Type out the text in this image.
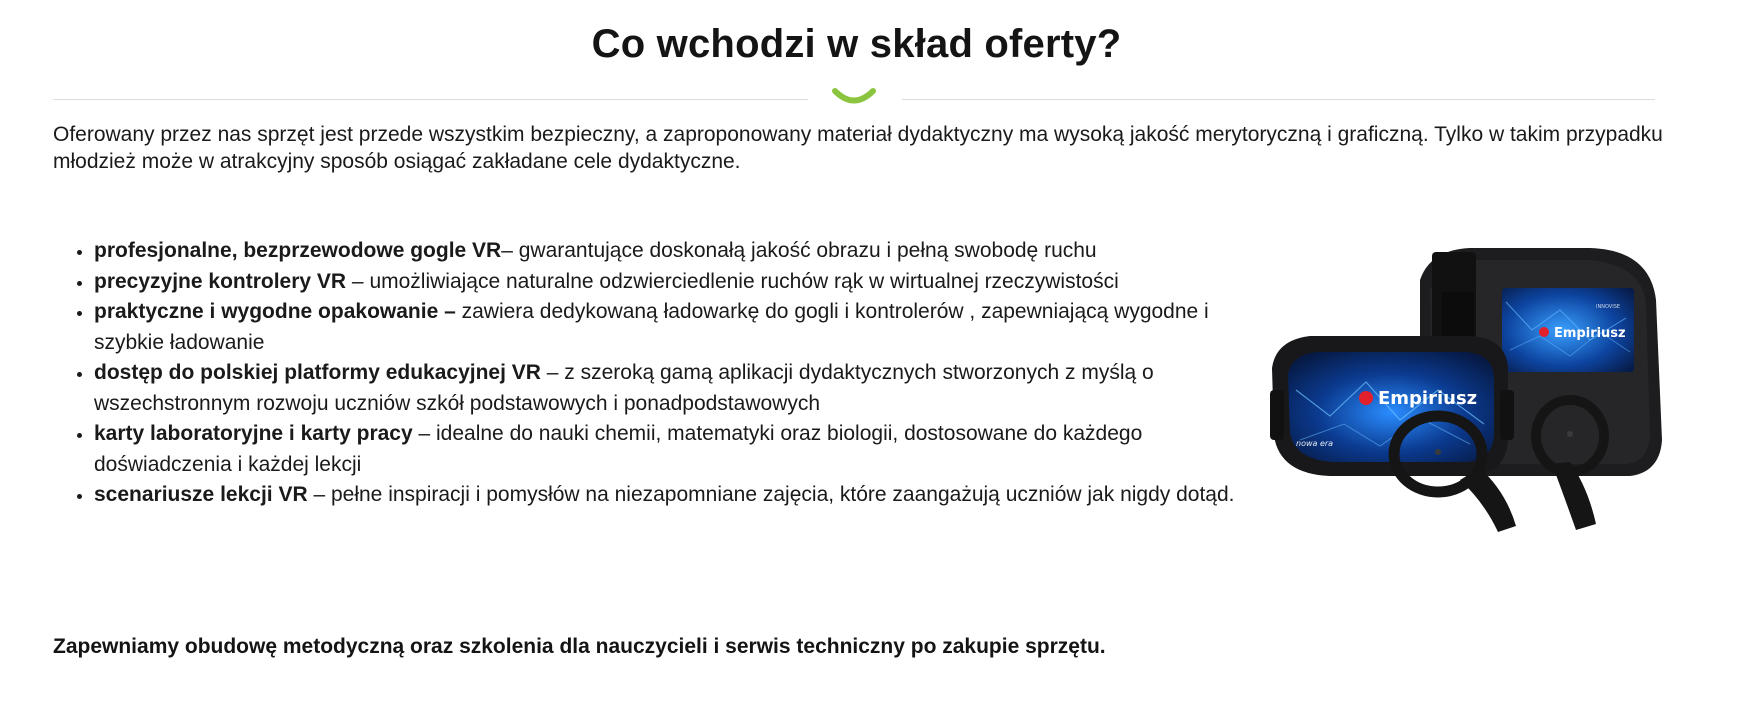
Co wchodzi w skład oferty?

Oferowany przez nas sprzęt jest przede wszystkim bezpieczny, a zaproponowany materiał dydaktyczny ma wysoką jakość merytoryczną i graficzną. Tylko w takim przypadku młodzież może w atrakcyjny sposób osiągać zakładane cele dydaktyczne.

• profesjonalne, bezprzewodowe gogle VR– gwarantujące doskonałą jakość obrazu i pełną swobodę ruchu
• precyzyjne kontrolery VR – umożliwiające naturalne odzwierciedlenie ruchów rąk w wirtualnej rzeczywistości
• praktyczne i wygodne opakowanie – zawiera dedykowaną ładowarkę do gogli i kontrolerów , zapewniającą wygodne i szybkie ładowanie
• dostęp do polskiej platformy edukacyjnej VR – z szeroką gamą aplikacji dydaktycznych stworzonych z myślą o wszechstronnym rozwoju uczniów szkół podstawowych i ponadpodstawowych
• karty laboratoryjne i karty pracy – idealne do nauki chemii, matematyki oraz biologii, dostosowane do każdego doświadczenia i każdej lekcji
• scenariusze lekcji VR – pełne inspiracji i pomysłów na niezapomniane zajęcia, które zaangażują uczniów jak nigdy dotąd.
Empiriusz
INNOVISE
Empiriusz
nowa era

Zapewniamy obudowę metodyczną oraz szkolenia dla nauczycieli i serwis techniczny po zakupie sprzętu.
